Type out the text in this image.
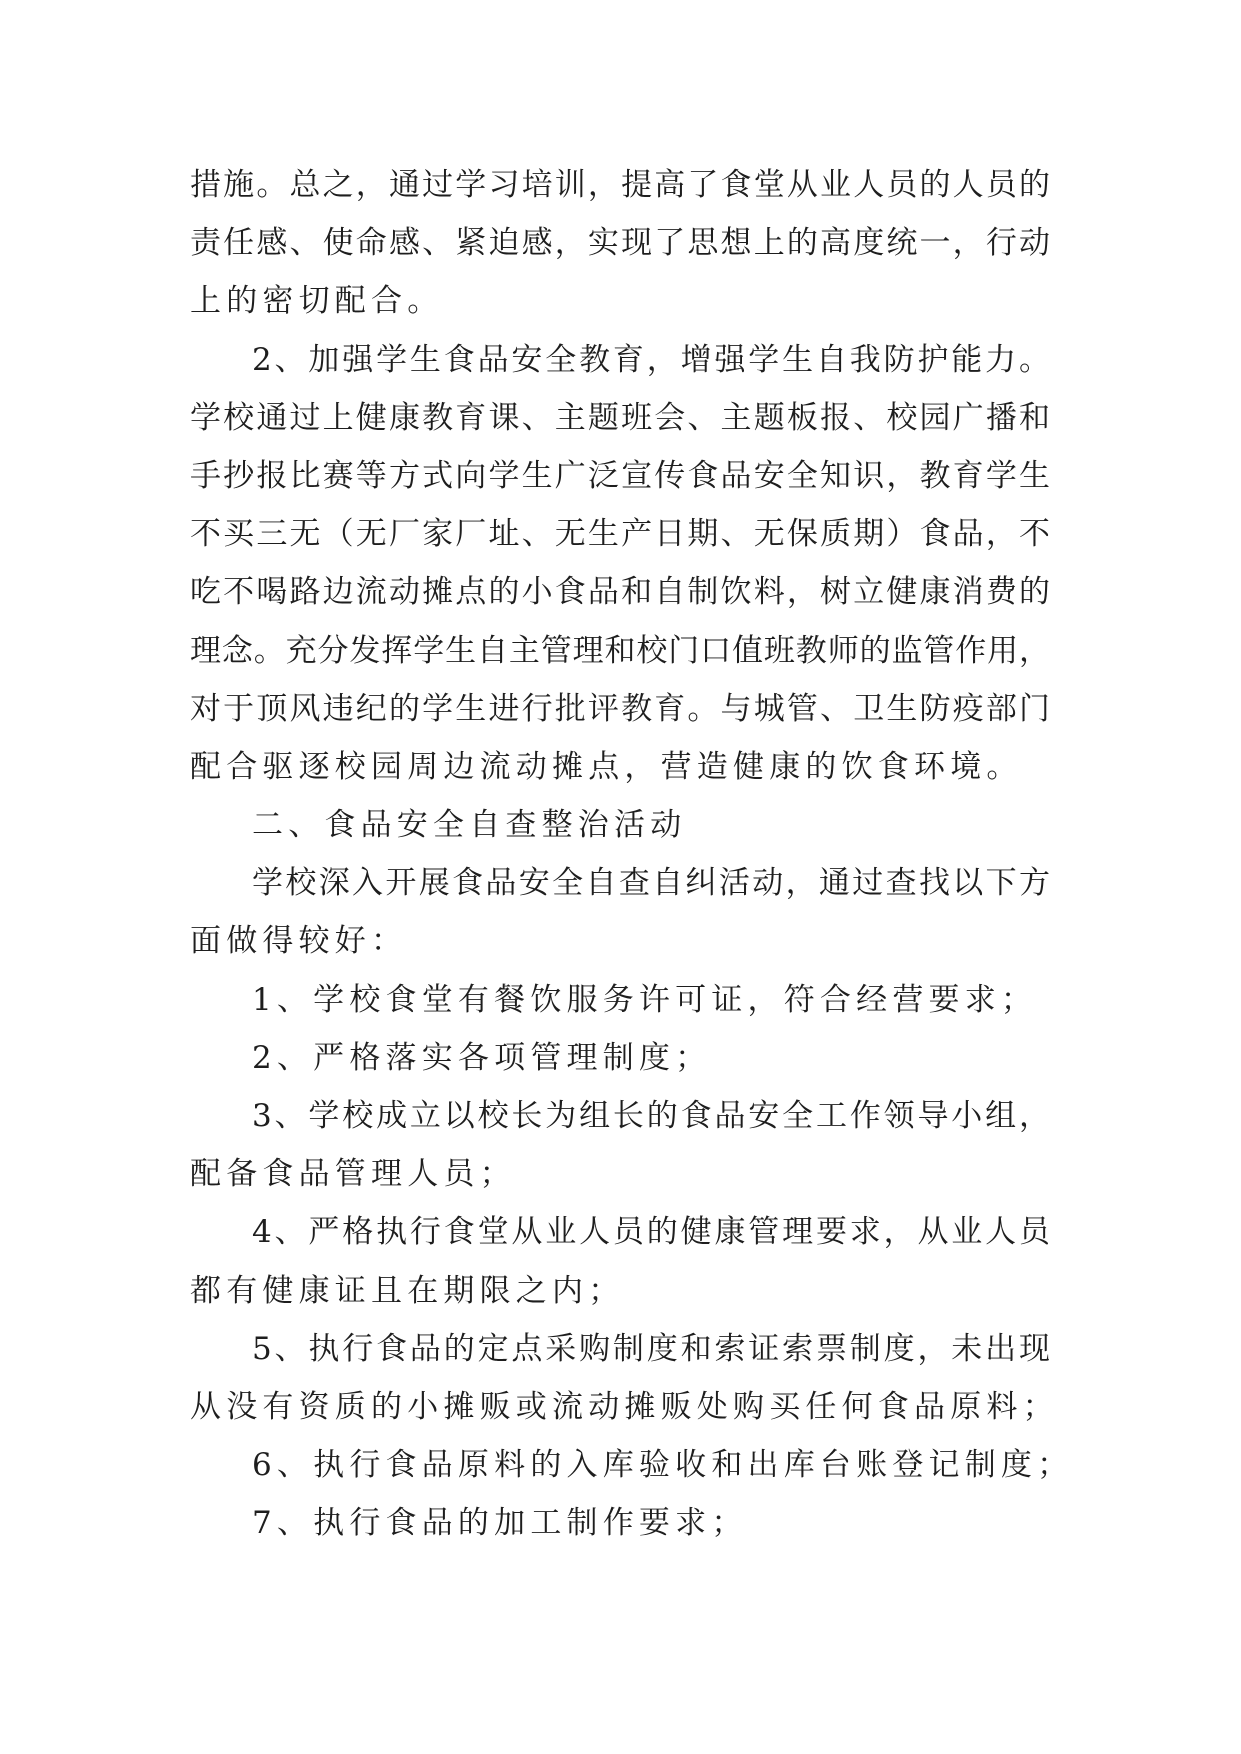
措施。总之，通过学习培训，提高了食堂从业人员的人员的
责任感、使命感、紧迫感，实现了思想上的高度统一，行动
上的密切配合。
2、加强学生食品安全教育，增强学生自我防护能力。
学校通过上健康教育课、主题班会、主题板报、校园广播和
手抄报比赛等方式向学生广泛宣传食品安全知识，教育学生
不买三无（无厂家厂址、无生产日期、无保质期）食品，不
吃不喝路边流动摊点的小食品和自制饮料，树立健康消费的
理念。充分发挥学生自主管理和校门口值班教师的监管作用，
对于顶风违纪的学生进行批评教育。与城管、卫生防疫部门
配合驱逐校园周边流动摊点，营造健康的饮食环境。
二、食品安全自查整治活动
学校深入开展食品安全自查自纠活动，通过查找以下方
面做得较好：
1、学校食堂有餐饮服务许可证，符合经营要求；
2、严格落实各项管理制度；
3、学校成立以校长为组长的食品安全工作领导小组，
配备食品管理人员；
4、严格执行食堂从业人员的健康管理要求，从业人员
都有健康证且在期限之内；
5、执行食品的定点采购制度和索证索票制度，未出现
从没有资质的小摊贩或流动摊贩处购买任何食品原料；
6、执行食品原料的入库验收和出库台账登记制度；
7、执行食品的加工制作要求；
